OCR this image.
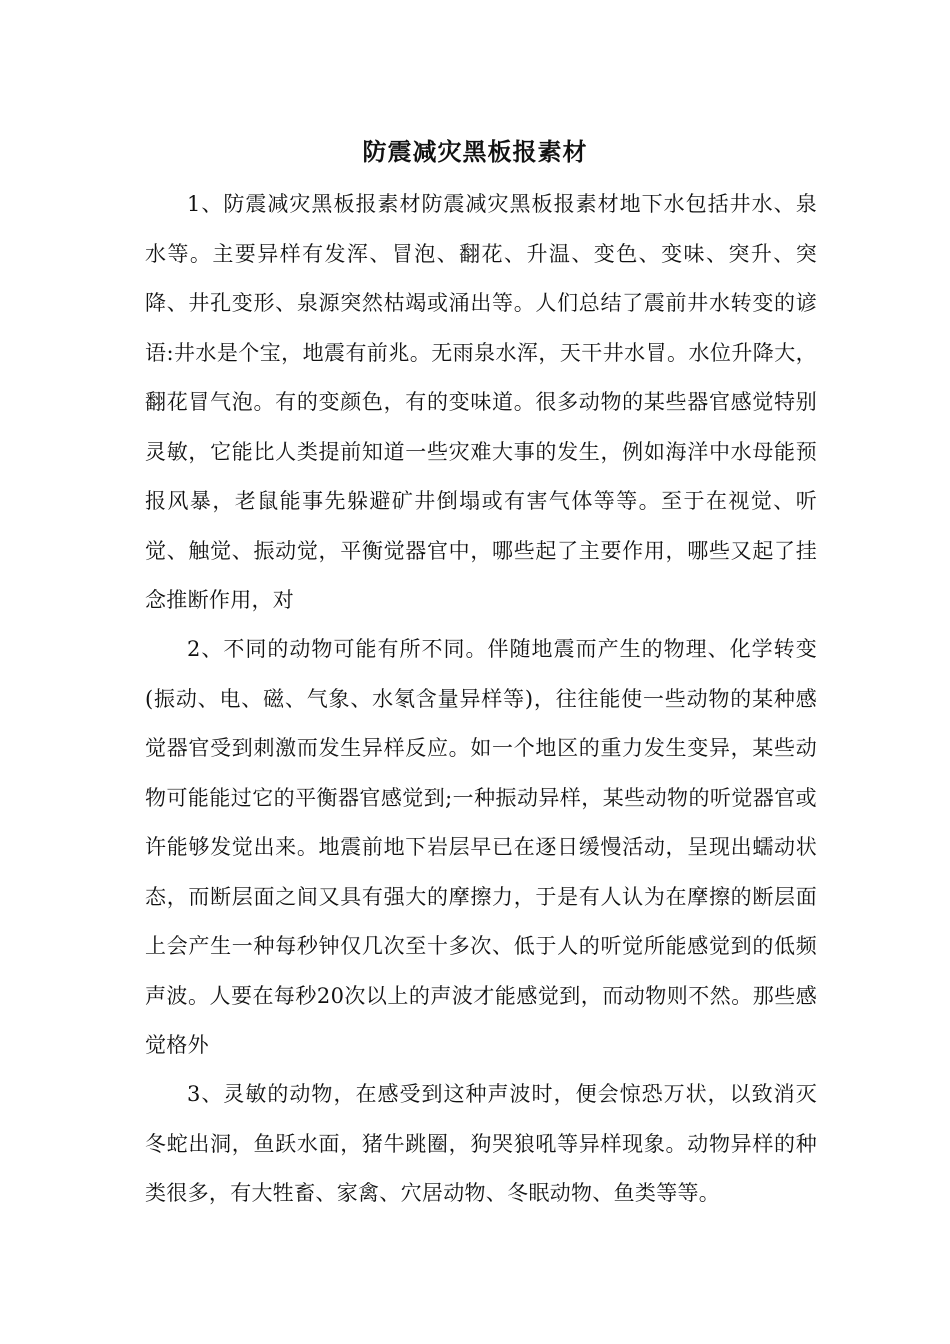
防震减灾黑板报素材

1、防震减灾黑板报素材防震减灾黑板报素材地下水包括井水、泉水等。主要异样有发浑、冒泡、翻花、升温、变色、变味、突升、突降、井孔变形、泉源突然枯竭或涌出等。人们总结了震前井水转变的谚语:井水是个宝，地震有前兆。无雨泉水浑，天干井水冒。水位升降大，翻花冒气泡。有的变颜色，有的变味道。很多动物的某些器官感觉特别灵敏，它能比人类提前知道一些灾难大事的发生，例如海洋中水母能预报风暴，老鼠能事先躲避矿井倒塌或有害气体等等。至于在视觉、听觉、触觉、振动觉，平衡觉器官中，哪些起了主要作用，哪些又起了挂念推断作用，对

2、不同的动物可能有所不同。伴随地震而产生的物理、化学转变(振动、电、磁、气象、水氡含量异样等)，往往能使一些动物的某种感觉器官受到刺激而发生异样反应。如一个地区的重力发生变异，某些动物可能能过它的平衡器官感觉到;一种振动异样，某些动物的听觉器官或许能够发觉出来。地震前地下岩层早已在逐日缓慢活动，呈现出蠕动状态，而断层面之间又具有强大的摩擦力，于是有人认为在摩擦的断层面上会产生一种每秒钟仅几次至十多次、低于人的听觉所能感觉到的低频声波。人要在每秒20次以上的声波才能感觉到，而动物则不然。那些感觉格外

3、灵敏的动物，在感受到这种声波时，便会惊恐万状，以致消灭冬蛇出洞，鱼跃水面，猪牛跳圈，狗哭狼吼等异样现象。动物异样的种类很多，有大牲畜、家禽、穴居动物、冬眠动物、鱼类等等。
